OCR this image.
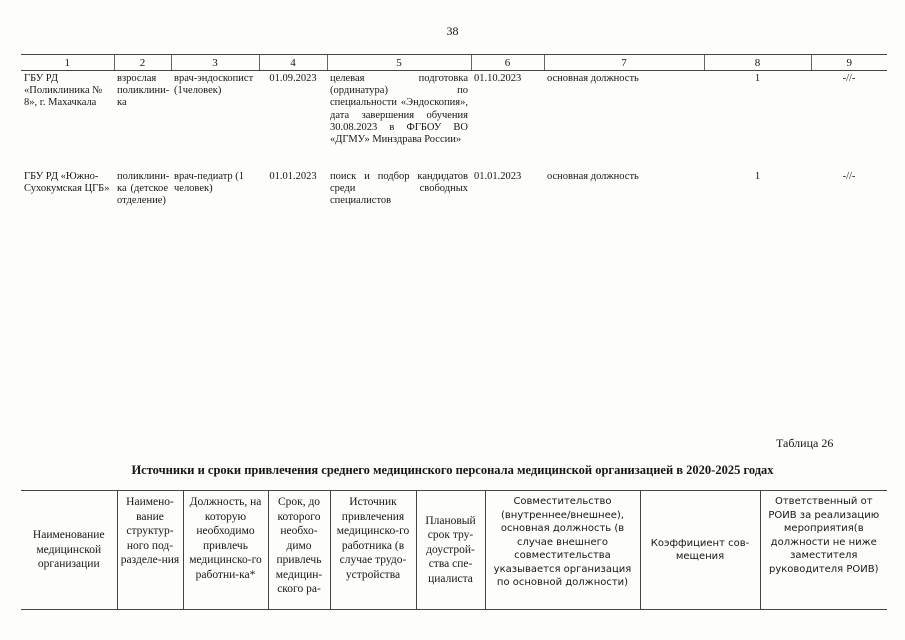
38
1	2	3	4	5	6	7	8	9
ГБУ РД «Поликлиника № 8», г. Махачкала	взрослая поликлини-ка	врач-эндоскопист (1человек)	01.09.2023	целевая подготовка (ординатура) по специальности «Эндоскопия», дата завершения обучения 30.08.2023 в ФГБОУ ВО «ДГМУ» Минздрава России»	01.10.2023	основная должность	1	-//-
ГБУ РД «Южно-Сухокумская ЦГБ»	поликлини-ка (детское отделение)	врач-педиатр (1 человек)	01.01.2023	поиск и подбор кандидатов среди свободных специалистов	01.01.2023	основная должность	1	-//-
Таблица 26
Источники и сроки привлечения среднего медицинского персонала медицинской организацией в 2020-2025 годах
Наименование медицинской организации	Наимено-вание структур-ного под-разделе-ния	Должность, на которую необходимо привлечь медицинско-го работни-ка*	Срок, до которого необхо-димо привлечь медицин-ского ра-	Источник привлечения медицинско-го работника (в случае трудо-устройства	Плановый срок тру-доустрой-ства спе-циалиста	Совместительство (внутреннее/внешнее), основная должность (в случае внешнего совместительства указывается организация по основной должности)	Коэффициент сов-мещения	Ответственный от РОИВ за реализацию мероприятия(в должности не ниже заместителя руководителя РОИВ)
